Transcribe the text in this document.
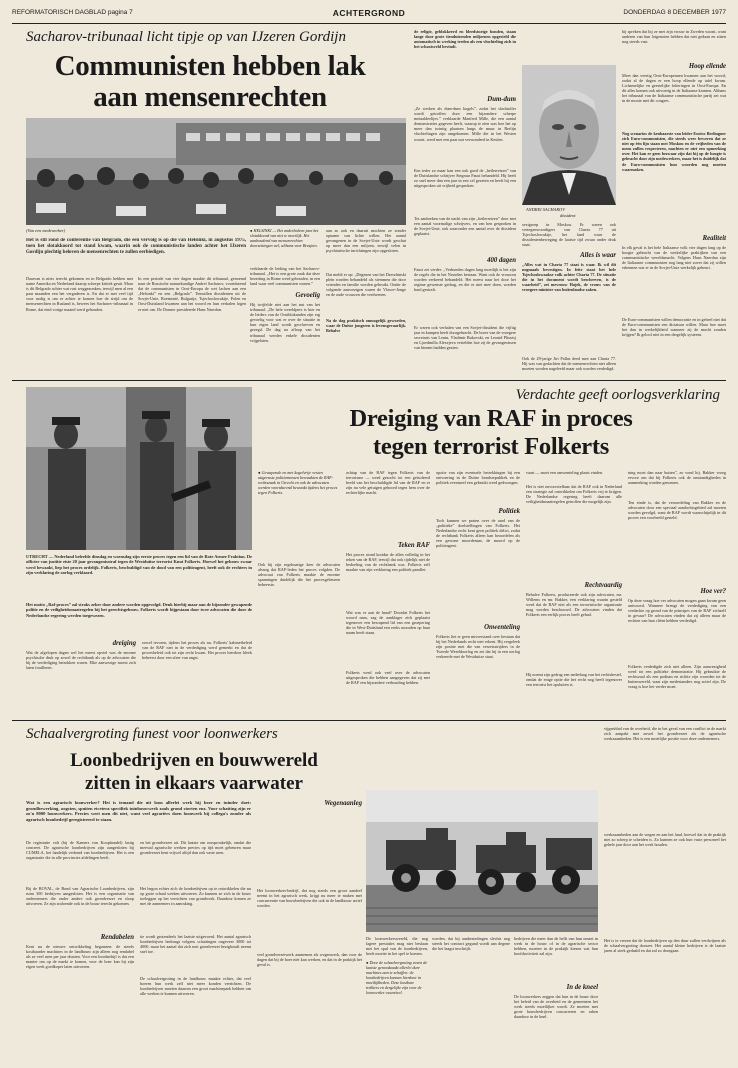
REFORMATORISCH DAGBLAD pagina 7	ACHTERGROND	DONDERDAG 8 DECEMBER 1977
Sacharov-tribunaal licht tipje op van IJzeren Gordijn
Communisten hebben lak
aan mensenrechten
(Van een medewerker)
Het is stil rond de conferentie van Belgrado, die een vervolg is op die van Helsinki, in augustus 1975, toen het slotakkoord tot stand kwam, waarin ook de communistische landen achter het IJzeren Gordijn plechtig beloven de mensenrechten te zullen eerbiedigen.
Daarvan is niets terecht gekomen en in Belgrado hebben met name Amerika en Nederland daarop scherpe kritiek geuit. Maar is dit Belgrado achter wat rust weggezonken, terwijl men al een paar maanden een het vergaderen is. En dat er met veel tijd voor nodig is om er achter te komen hoe de strijd om de mensenrechten in Rusland is, bewees het Sacharov-tribunaal in Rome, dat eind vorige maand werd gehouden.
In een periode van vier dagen maakte dit tribunaal, genoemd naar de Russische natuurkundige Andrei Sacharov, voortdurend dat de communisten in Oost-Europa de wet lachen aan een „Helsinki” en een „Belgrado”. Tientallen dissidenten uit de Sovjet-Unie, Roemenië, Bulgarije, Tsjechoslowakije, Polen en Oost-Duitsland kwamen aan het woord en hun verhalen logen er niet om. De Donner presideerde Hans Naerdan.
● HELSINKI — Het anderhalven jaar het slotakkoord van niet te moeilijk. Het aanhoudend van mensenrechten doorzettingen wel, althans voor Brezjnev.
verklaarde de leiding van het Sacharov-tribunaal. „Het is een grote zaak dat deze bezetting in Rome werd gehouden, in een land waar veel communisten wonen.”
Gevoelig
Hij twijfelde niet aan het nut van het tribunaal. „De hele wereldpers is hier en de leiders van de Oostblokanden zijn erg gevoelig voor wat er over de situatie in hun eigen land wordt geschreven en gezegd. De dag na afloop van het tribunaal werden enkele dissidenten vrijgelaten.
aan as ook en daaruit mochten ze zonder opname van lichte willen. Het aantal gevangenen in de Sovjet-Unie wordt geschat op meer dan een miljoen, terwijl velen in psychiatrische inrichtingen zijn opgesloten.
Dat meldt er op: „Degenen van het Dzerzhinski plein worden behandeld als stemmen die door vrienden en familie worden gebruikt. Onder de volgende aanwezigen waren de Vlasov-Jonge en de oude vrouwen die verdwenen.
Na de dag praktisch onmogelijk geworden, waar de Duitse jongeren is levensgevaarlijk. Behalve
de religie, geblokkeerd en bleedsturige bonden, staan lange door grote tienduizenden miljoenen opgesteld die automatisch in werking treden als een vluchteling zich in het schootsveld bevindt.
Dum-dum
„Ze werken als dum-dum kogels”, zodat het slachtoffer wordt getroffen door een bijzondere scherpe metaaldeeltjes.” verklaarde Manfred Mille, die een aantal demonstraties gegeven heeft, waarop te zien was hoe het op meer dan twintig plaatsen langs de muur in Berlijn vluchtelingen zijn omgekomen. Mille die in het Westen woont, werd met een paar uur verwonderd in Keulen.
Een ieder zo maar kan een ook goed de „heilerreizen” van de Duitslandse schrijver Siegmar Faust behandeld. Hij heeft zo snel meer dan een jaar in een cel gezeten en heeft bij een uitgesproken uit vrijheid gesproken.
Tot aanbreken van de nacht van zijn „heilerreizen” door met een aantal voormalige schrijvers, en van hen gesproken in de Sovjet-Unie, ook waaronder een aantal over de dissident geplaatst.
400 dagen
Faust zei verder: „Verbonden dagen lang moeilijk is het zijn de regels die in het Noorden bestaan. Want ook de vrouwen worden verkeerd behandeld. Het meest naar het door het regime gewenste gedrag, en die er niet mee doen, worden hard gestraft.
Er waren ook verhalen van een Sovjet-dissident die vijftig jaar in kampen heeft doorgebracht. De broer van de vroegere secretaris van Lenin, Vladimir Bukovski, en Leonid Pliustsj en Ljoedmilla Alexejeva vertelden hoe zij de gevangenissen van binnen hadden gezien.
ANDREI SACHAROV
dissident
sextgroep in Moskou. Er waren ook vertegenwoordigers van Charta 77 uit Tsjechoslowakije, het land waar de dissidentenbeweging de laatste tijd zwaar onder druk staat.
Alles is waar
„Alles wat in Charta 77 staat is waar. Ik wil dit nogmaals bevestigen. In feite staat het hele Tsjechoslowaakse volk achter Charta 77. De situatie die in het document wordt beschreven, is de waarheid”, zei mevrouw Hajek, de vrouw van de vroegere minister van buitenlandse zaken.
Ook de 29-jarige Jiri Pallas deed mee aan Charta 77. Hij was van gedachten dat de mensenrechten niet alleen moeten worden nageleefd maar ook worden verdedigd.
bij spreken dat hij ze met zijn vrouw in Zweden woont, want anderen van hun lotgenoten hebben dat niet gedaan en zitten nog steeds vast.
Hoop ellende
Meer dan veertig Oost-Europeanen kwamen aan het woord, zodat al de dagen er een hoop ellende op tafel kwam. Lichamelijke en geestelijke folteringen in Oost-Europa. En dit alles komen ook uitvoerig in de Italiaanse kranten. Althans het tribunaal van de Italiaanse communistische partij zei wat in de mooie met dit congres.
Nog scenarios de kenbaarste van leider Enrico Berlinguer zich Euro-communisten, die steeds weer beweren dat ze niet op één lijn staan met Moskou en de vrijheden van de mens zullen respecteren, machten er niet een opmerking over. Het kan er geen bezwaar zijn dat hij op de hoogte is gebracht door zijn medewerkers, maar het is duidelijk dat de Euro-communisten hun woorden nog moeten waarmaken.
Realiteit
In elk geval is het hele Italiaanse volk vier dagen lang op de hoogte gebracht van de werkelijke praktijken van een communistische wereldsmacht. Volgens Hans Naerdan zijn de Italiaanse communisten nog lang niet zover dat zij willen erkennen wat er in de Sovjet-Unie werkelijk gebeurt.
De Euro-communisten willen democratie en in geheel niet dat de Euro-communisten een dictatuur willen. Maar hoe moet het dan in werkelijkheid wanneer zij de macht zouden krijgen? Ik geloof niet in een dergelijk systeem.
UTRECHT — Nederland beleefde dinsdag en woensdag zijn eerste proces tegen een lid van de Rote Armee Fraktion. De officier van justitie eiste 20 jaar gevangenisstraf tegen de Westduitse terrorist Knut Folkerts. Hoewel het gebouw zwaar werd bewaakt, liep het proces ordelijk. Folkerts, beschuldigd van de dood van een politieagent, heeft ook de rechters in zijn verklaring de oorlog verklaard.
Het motto „Raf-proces” zal straks zeker door andere worden opgevolgd. Denk hierbij maar aan de bijzonder gewapende politie en de veiligheidsmaatregelen bij het gerechtsgebouw. Folkerts wordt bijgestaan door twee advocaten die door de Nederlandse regering werden toegewezen.
dreiging
Wat de afgelopen dagen wel het meest opviel was de enorme psychische druk op zowel de rechtbank als op de advocaten die bij de verdediging betrokken waren. Elke aanwezige moest zich laten fouilleren.
zowel tevoren, tijdens het proces als nu. Folkerts' kabinetbeleid van de RAF niet in de verdediging werd gemerkt en dat de procesbeleid ook tot zijn recht kwam. Het proces hierdoor bleek beheerst door een sfeer van angst.
Verdachte geeft oorlogsverklaring
Dreiging van RAF in proces
tegen terrorist Folkerts
● Gewapende en met kogelvrije vesten uitgeruste politiemensen bewaakten de RAF-rechtszaak in Utrecht en ook de advocaten werden voortdurend bewaakt tijdens het proces tegen Folkerts.
Ook bij zijn regelmatige keer de advocaten alsnog dat RAF-leden het proces volgden. De advocaat van Folkerts maakte de enorme spanningen duidelijk die het procesgebeuren beheerste.
achtap van de RAF tegen Folkerts van de terrorisme — werd gezocht tot een geïsoleerd beeld van het beschuldigde lid van de RAF en er zijn nu vele getuigen gehoord tegen hem over de rechterlijke macht.
Teken RAF
Het proces stond kortdur de allen volledig in het teken van de RAF, terwijl dat ook tijdelijk niet de bedoeling van de rechtbank was. Folkerts zelf maakte van zijn verklaring een politiek pamflet.
Wat was er aan de hand? Doordat Folkerts het woord nam, zag de aanklager zich geplaatst tegenover een bewapend lid van een groepering die in West-Duitsland een reeks moorden op haar naam heeft staan.
Folkerts werd ook veel over de advocaten uitgesproken die hebben aangegeven dat zij met de RAF een bijzondere verhouding hebben.
opoite van zijn eventuele betrekkingen bij een ontvoering in de Duitse bondsrepubliek en de politiek eventueel een gebruikt werd gedwongen.
Politiek
Toch kunnen we praten over de aard van de „politieke” doelstellingen van Folkerts. Het Nederlandse recht kent geen politiek delict, zodat de rechtbank Folkerts alleen kan beoordelen als een gewone moordenaar, de moord op de politieagent.
Onwenteling
Folkerts liet er geen misverstand over bestaan dat hij het Nederlands recht niet erkent. Hij vergeleek zijn positie met die van verzetsstrijders in de Tweede Wereldoorlog en zei dat hij in een oorlog verkeerde met de Westduitse staat.
vaart — moet een omwenteling plaats vinden.
Het is niet onvoorstelbaar dat de RAF ook in Nederland een strategie zal ontwikkelen om Folkerts vrij te krijgen. De Nederlandse regering heeft daarom alle veiligheidsmaatregelen getroffen die mogelijk zijn.
Rechtvaardig
Behalve Folkerts, produceerde ook zijn advocaten, mr. Willems en mr. Bakker, een verklaring waarin gesteld werd dat de RAF niet als een terroristische organisatie mag worden beschouwd. De advocaten vinden dat Folkerts een eerlijk proces heeft gehad.
Hij noemt zijn gedrag een nederlaag van het rechtsbestel, omdat de enige optie die het recht nog heeft tegenover een terrorist het opsluiten is.
ning moet dan naar buiten”, zo vond hij. Bakker vroeg ervoor om dat bij Folkerts ook de omstandigheden in aanmerking worden genomen.
Ten einde is, dat de veroordeling van Bakker en de advocaten door een speciaal aandachtsgebied zal moeten worden gevolgd, want de RAF wordt waarschijnlijk in dit proces een voorbeeld gesteld.
Hoe ver?
Op deze vraag hoe ver advocaten mogen gaan kwam geen antwoord. Wanneer brengt de verdediging van een verdachte op grond van de principes van de RAF zichzelf in gevaar? De advocaten vinden dat zij alleen maar de rechten van hun cliënt hebben verdedigd.
Folkerts verdedigde zich niet alleen. Zijn aanwezigheid werd tot een politieke demonstratie. Hij gebruikte de rechtszaal als een podium en richtte zijn woorden tot de buitenwereld, waar zijn medestanders nog actief zijn. De vraag is hoe het verder moet.
Schaalvergroting funest voor loonwerkers
Loonbedrijven en bouwwereld
zitten in elkaars vaarwater
Wat is een agrarisch loonwerker? Het is iemand die uit loon allerlei werk bij boer en tuinder doet: grondbewerking, oogsten, spuiten etcetera specifiek tuinbouwwerk zoals grond storten enz. Voor schatting zijn er zo'n 8000 loonwerkers. Precies weet men dit niet, want veel agrariërs doen loonwerk bij collega's zonder als agrarisch loonbedrijf geregistreerd te staan.
De registratie valt (bij de Kamers van Koophandel) lastig concreet. De agrarische loonbedrijven zijn aangesloten bij CUMELA, het landelijk verbond van loonbedrijven. Het is een organisatie die in alle provincies afdelingen heeft.
Bij de BOVAL, de Bond van Agrarische Loonbedrijven, zijn ruim 300 bedrijven aangesloten. Het is een organisatie van ondernemers die onder andere ook grondverzet en sloop uitvoeren. Ze zijn zodoende ook in de bouw terecht gekomen.
Rendabelen
Kent nu de nieuwe ontwikkeling begonnen: de steeds kostbaarder machines in de landbouw zijn alleen nog rendabel als ze veel uren per jaar draaien. Voor een loonbedrijf is dat een manier om op de markt te komen, voor de boer kan hij zijn eigen werk goedkoper laten uitvoeren.
en het grondverzet uit. Dit laatste om oorspronkelijk, omdat die meestal agrarische werken precies op tijd moet gebeuren maar grondverzet kent vrijwel altijd dan ook vaste uren.
Het begon echter zich de loonbedrijven op te ontwikkelen die nu op grote schaal werken uitvoeren. Zo kunnen ze zich in de bouw toeleggen op het verrichten van grondwerk. Daardoor komen ze met de aannemers in aanraking.
tie wordt grotendeels het laatste uitgevoerd. Het aantal agrarisch loonbedrijven bedraagt volgens schattingen ongeveer 3000 tot 4000, maar het aantal dat zich met grondverzet bezighoudt neemt snel toe.
De schaalvergroting in de landbouw maakte echter, dat veel boeren hun werk zelf niet meer konden verrichten. De loonbedrijven moeten daarom een groot machinepark hebben om alle werken te kunnen uitvoeren.
Wegenaanleg
Het loonwerkers-bedrijf, dat nog steeds een groot aandeel neemt in het agrarisch werk, krijgt nu meer te maken met concurrentie van bouwbedrijven die ook in de landbouw actief worden.
veel grondverzetwerk aannemen als wegenwerk, dan voor de dagen dat bij de boer niet kan werken, en dat in de praktijk het geval is.
De loonwerkerswereld, die nog lagere prestaties mag niet beslaan met het spul van de loonbedrijven, heeft moeite in het spel te komen.
● Door de schaalvergroting vaven de laatste genoodzaakt allerlei dure machines aan te schaffen: de loonbedrijven kunnen hierdoor in moeilijkheden. Deze kostbare trekkers en dergelijke zijn voor de loonwerker essentieel.
worden, dat bij aanbestedingen slechts nog steeds het contract gegund wordt aan degene die het laagst inschrijft.
bedrijven die meer dan de helft van hun omzet in werk in de bouw of in de agrarische sector hebben, moeten in de praktijk kiezen wat hun hoofdactiviteit zal zijn.
In de kneel
De loonwerkers zeggen dat hun in de bouw door het beleid van de overheid en de gemeenten het werk steeds moeilijker wordt. Ze moeten met grote bouwbedrijven concurreren en raken daardoor in de knel.
vijgenblad van de overheid, die in het geval van een conflict in de markt zich aanpakt met zowel het grondverzet als de agrarische werkzaamheden. Het is een moeilijke positie voor deze ondernemers.
werkzaamheden aan de wegen en aan het land, hoewel dat in de praktijk niet zo scherp te scheiden is. Zo kunnen ze ook hun vaste personeel het gehele jaar door aan het werk houden.
Het is te vrezen dat de loonbedrijven op den duur zullen verdwijnen als de schaalvergroting doorzet. Het aantal kleine bedrijven is de laatste jaren al sterk gedaald en dat zal zo doorgaan.
